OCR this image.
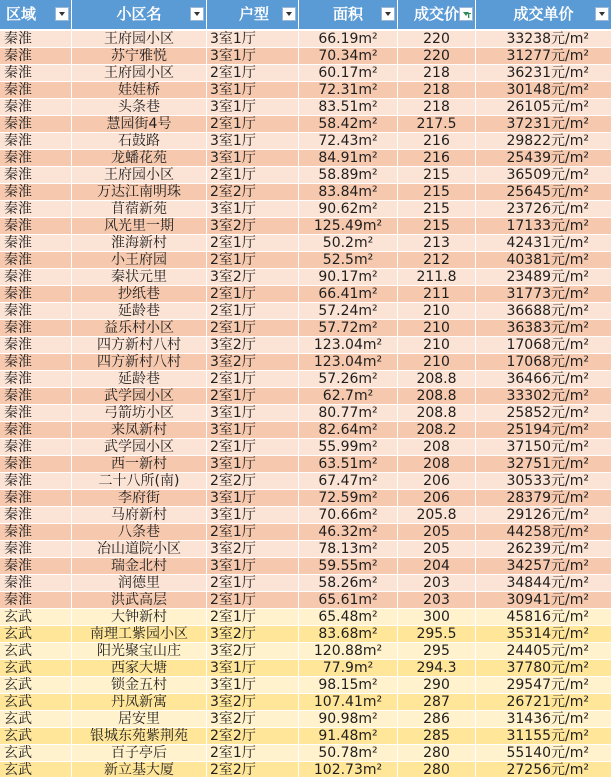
区域	小区名	户型	面积	成交价 T	成交单价
秦淮	王府园小区	3室1厅	66.19m²	220	33238元/m²
秦淮	苏宁雅悦	3室1厅	70.34m²	220	31277元/m²
秦淮	王府园小区	2室1厅	60.17m²	218	36231元/m²
秦淮	娃娃桥	3室1厅	72.31m²	218	30148元/m²
秦淮	头条巷	3室1厅	83.51m²	218	26105元/m²
秦淮	慧园街4号	2室1厅	58.42m²	217.5	37231元/m²
秦淮	石鼓路	3室1厅	72.43m²	216	29822元/m²
秦淮	龙蟠花苑	3室1厅	84.91m²	216	25439元/m²
秦淮	王府园小区	2室1厅	58.89m²	215	36509元/m²
秦淮	万达江南明珠	2室2厅	83.84m²	215	25645元/m²
秦淮	苜蓿新苑	3室1厅	90.62m²	215	23726元/m²
秦淮	风光里一期	3室2厅	125.49m²	215	17133元/m²
秦淮	淮海新村	2室1厅	50.2m²	213	42431元/m²
秦淮	小王府园	2室1厅	52.5m²	212	40381元/m²
秦淮	秦状元里	3室2厅	90.17m²	211.8	23489元/m²
秦淮	抄纸巷	2室1厅	66.41m²	211	31773元/m²
秦淮	延龄巷	2室1厅	57.24m²	210	36688元/m²
秦淮	益乐村小区	2室1厅	57.72m²	210	36383元/m²
秦淮	四方新村八村	3室2厅	123.04m²	210	17068元/m²
秦淮	四方新村八村	3室2厅	123.04m²	210	17068元/m²
秦淮	延龄巷	2室1厅	57.26m²	208.8	36466元/m²
秦淮	武学园小区	2室1厅	62.7m²	208.8	33302元/m²
秦淮	弓箭坊小区	3室1厅	80.77m²	208.8	25852元/m²
秦淮	来凤新村	3室1厅	82.64m²	208.2	25194元/m²
秦淮	武学园小区	2室1厅	55.99m²	208	37150元/m²
秦淮	西一新村	3室1厅	63.51m²	208	32751元/m²
秦淮	二十八所(南)	2室2厅	67.47m²	206	30533元/m²
秦淮	李府街	3室1厅	72.59m²	206	28379元/m²
秦淮	马府新村	3室1厅	70.66m²	205.8	29126元/m²
秦淮	八条巷	2室1厅	46.32m²	205	44258元/m²
秦淮	冶山道院小区	3室2厅	78.13m²	205	26239元/m²
秦淮	瑞金北村	3室1厅	59.55m²	204	34257元/m²
秦淮	润德里	2室1厅	58.26m²	203	34844元/m²
秦淮	洪武高层	2室1厅	65.61m²	203	30941元/m²
玄武	大钟新村	2室1厅	65.48m²	300	45816元/m²
玄武	南理工紫园小区	3室2厅	83.68m²	295.5	35314元/m²
玄武	阳光聚宝山庄	3室2厅	120.88m²	295	24405元/m²
玄武	西家大塘	3室1厅	77.9m²	294.3	37780元/m²
玄武	锁金五村	3室1厅	98.15m²	290	29547元/m²
玄武	丹凤新寓	3室2厅	107.41m²	287	26721元/m²
玄武	居安里	3室2厅	90.98m²	286	31436元/m²
玄武	银城东苑紫荆苑	2室2厅	91.48m²	285	31155元/m²
玄武	百子亭后	2室1厅	50.78m²	280	55140元/m²
玄武	新立基大厦	2室2厅	102.73m²	280	27256元/m²
